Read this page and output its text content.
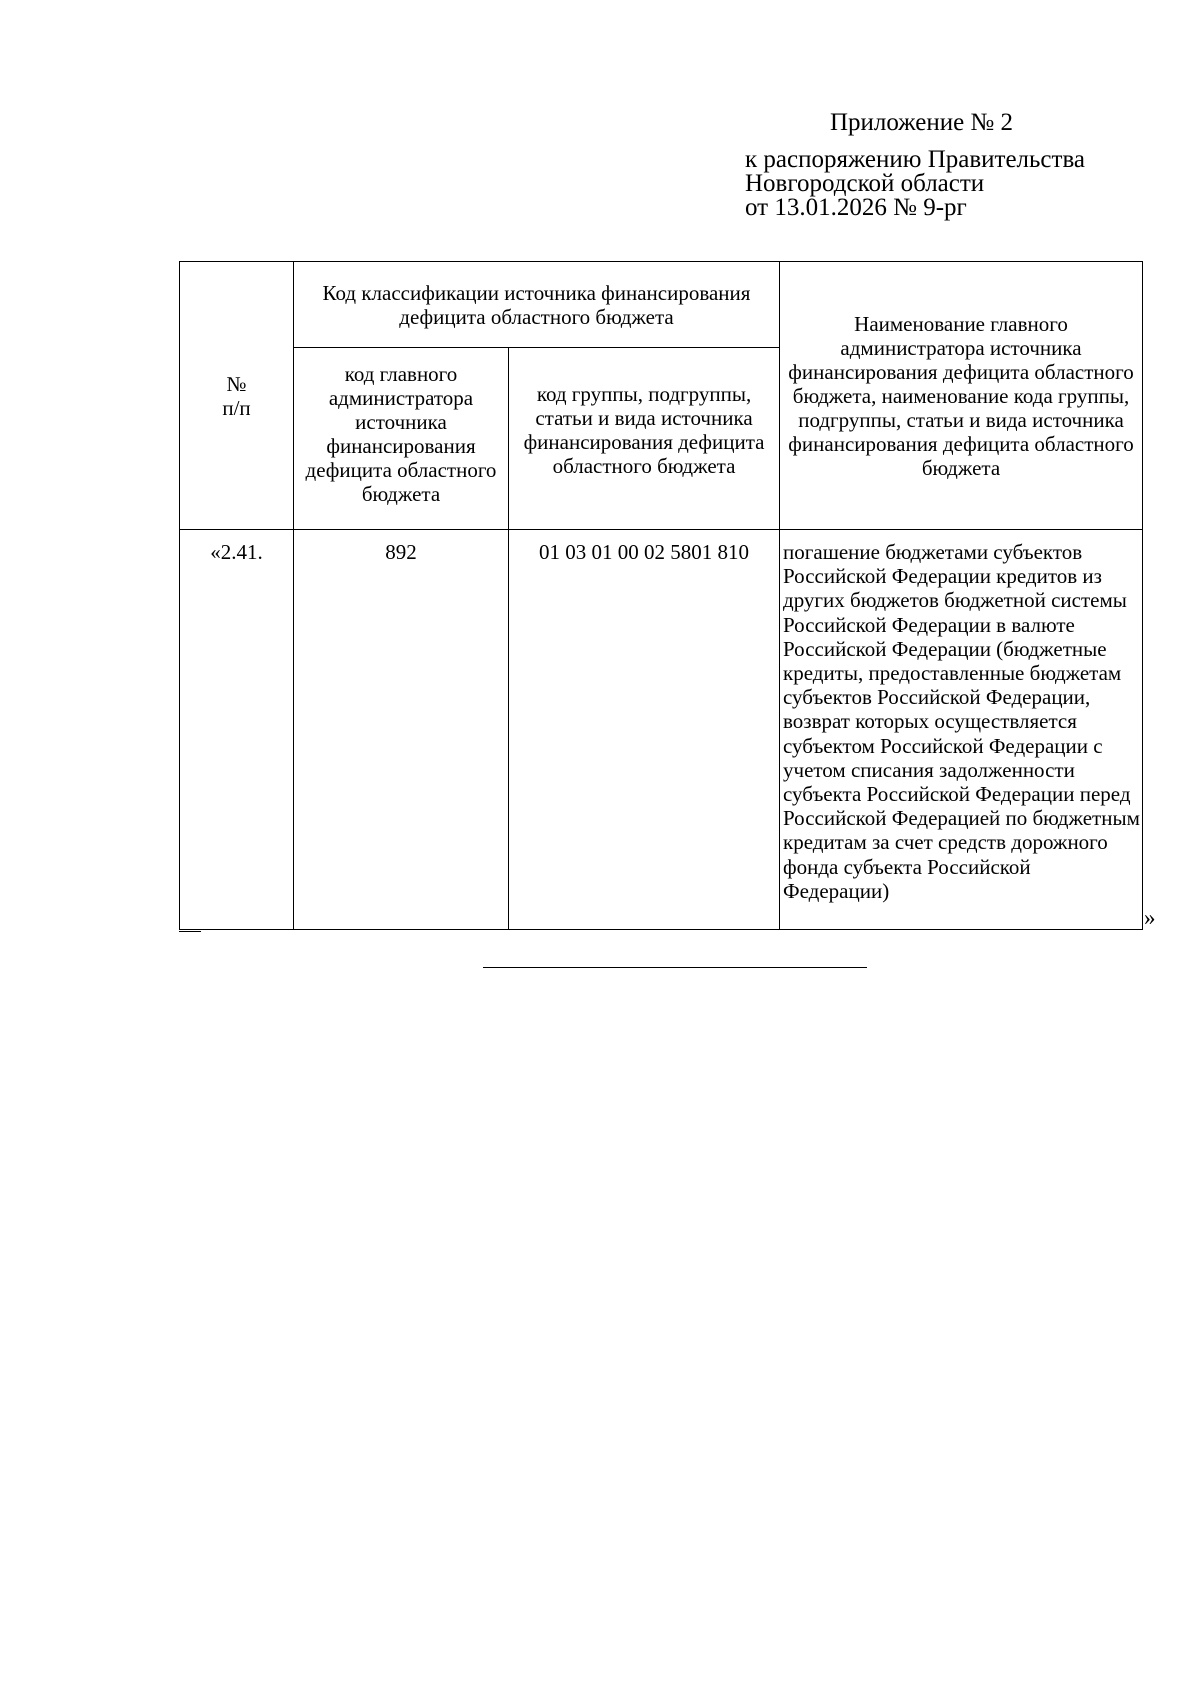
Приложение № 2
к распоряжению Правительства
Новгородской области
от 13.01.2026 № 9-рг
№
п/п	Код классификации источника финансирования дефицита областного бюджета		Наименование главного администратора источника финансирования дефицита областного бюджета, наименование кода группы, подгруппы, статьи и вида источника финансирования дефицита областного бюджета
	код главного администратора источника финансирования дефицита областного бюджета	код группы, подгруппы, статьи и вида источника финансирования дефицита областного бюджета	
«2.41.	892	01 03 01 00 02 5801 810	погашение бюджетами субъектов Российской Федерации кредитов из других бюджетов бюджетной системы Российской Федерации в валюте Российской Федерации (бюджетные кредиты, предоставленные бюджетам субъектов Российской Федерации, возврат которых осуществляется субъектом Российской Федерации с учетом списания задолженности субъекта Российской Федерации перед Российской Федерацией по бюджетным кредитам за счет средств дорожного фонда субъекта Российской Федерации)
»
